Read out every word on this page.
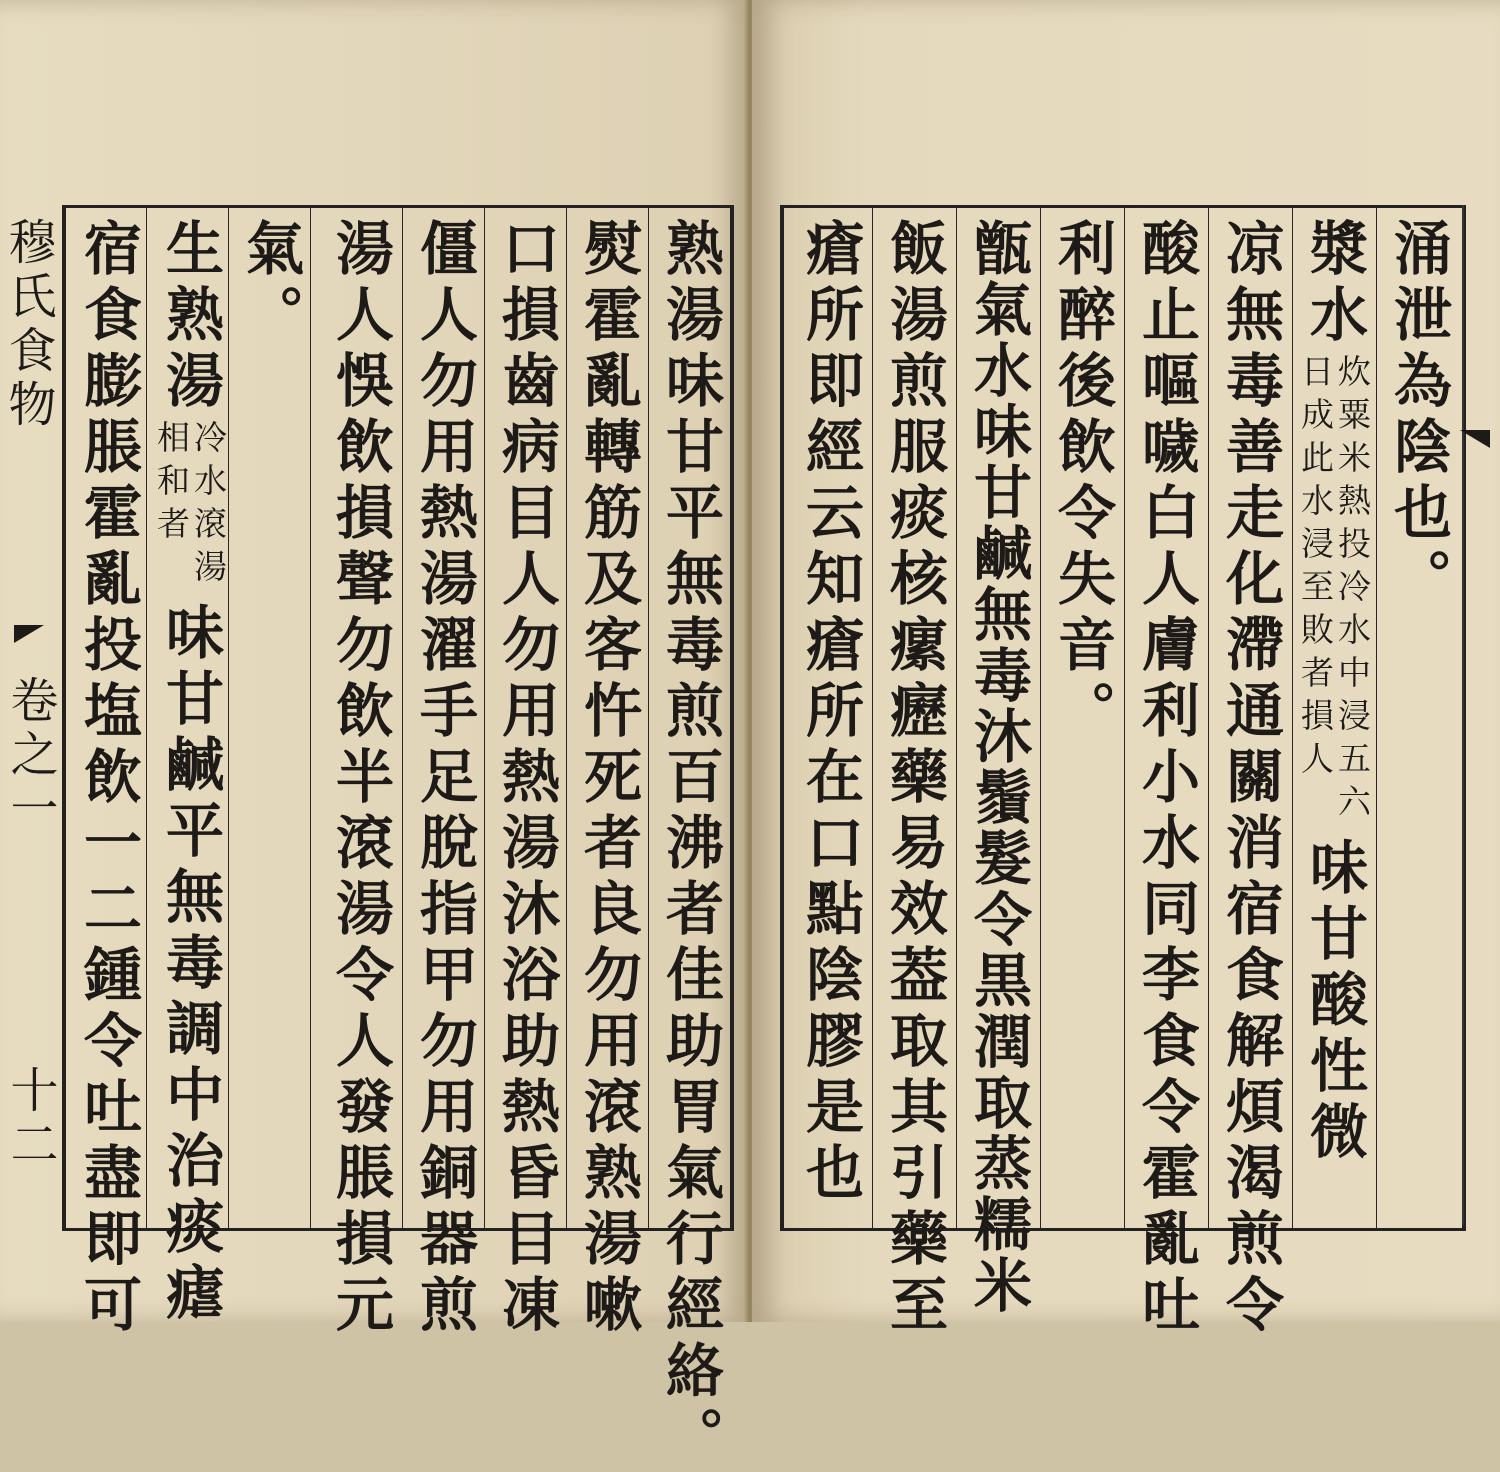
穆氏食物
卷之一
十二	熟湯味甘平無毒煎百沸者佳助胃氣行經絡。
熨霍亂轉筋及客忤死者良勿用滾熟湯嗽
口損齒病目人勿用熱湯沐浴助熱昏目凍
僵人勿用熱湯濯手足脫指甲勿用銅器煎
湯人悞飲損聲勿飲半滾湯令人發脹損元
氣。
生熟湯
冷水滾湯
相和者
味甘鹹平無毒調中治痰瘧
宿食膨脹霍亂投塩飲一二鍾令吐盡即可	涌泄為陰也。
漿水
炊粟米熱投冷水中浸五六
日成此水浸至敗者損人
味甘酸性微
凉無毒善走化滯通關消宿食解煩渴煎令
酸止嘔噦白人膚利小水同李食令霍亂吐
利醉後飲令失音。
甑氣水味甘鹹無毒沐鬚髮令黒潤取蒸糯米
飯湯煎服痰核瘰癧藥易效葢取其引藥至
瘡所即經云知瘡所在口點陰膠是也
